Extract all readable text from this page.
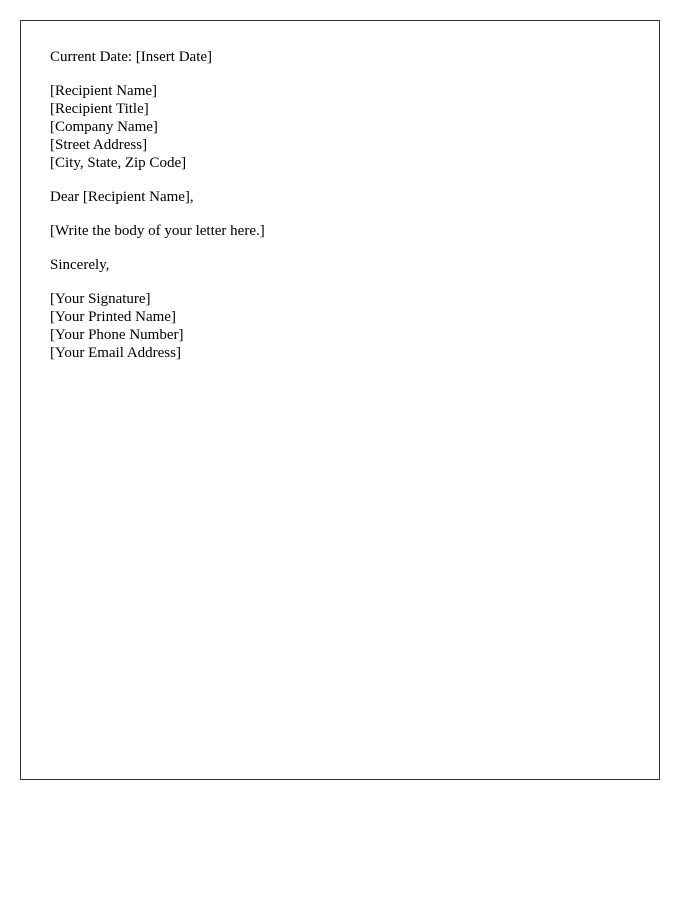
Current Date: [Insert Date]
[Recipient Name]
[Recipient Title]
[Company Name]
[Street Address]
[City, State, Zip Code]
Dear [Recipient Name],
[Write the body of your letter here.]
Sincerely,
[Your Signature]
[Your Printed Name]
[Your Phone Number]
[Your Email Address]
